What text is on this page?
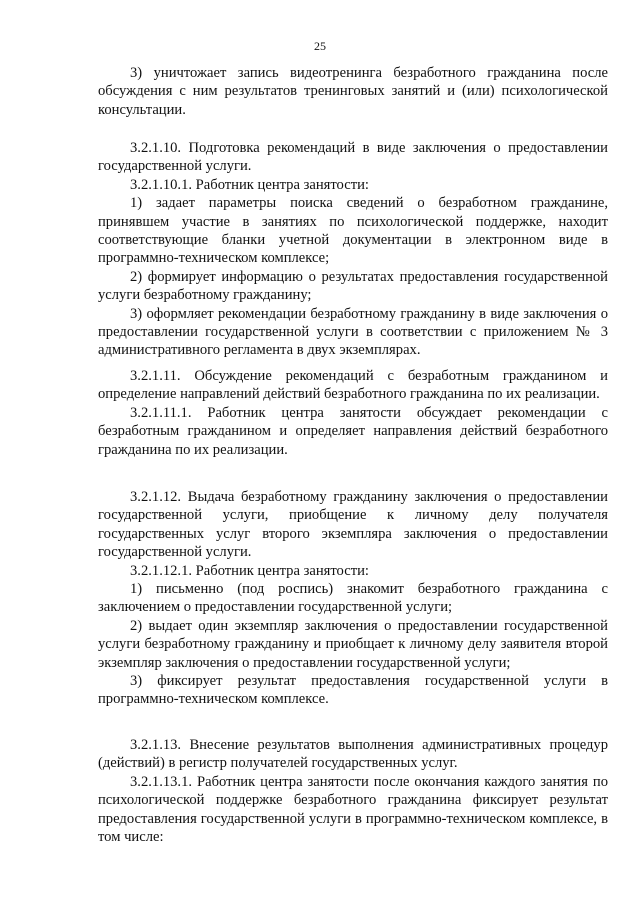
25

3) уничтожает запись видеотренинга безработного гражданина после обсуждения с ним результатов тренинговых занятий и (или) психологической консультации.

3.2.1.10. Подготовка рекомендаций в виде заключения о предоставлении государственной услуги.

3.2.1.10.1. Работник центра занятости:

1) задает параметры поиска сведений о безработном гражданине, принявшем участие в занятиях по психологической поддержке, находит соответствующие бланки учетной документации в электронном виде в программно-техническом комплексе;

2) формирует информацию о результатах предоставления государственной услуги безработному гражданину;

3) оформляет рекомендации безработному гражданину в виде заключения о предоставлении государственной услуги в соответствии с приложением № 3 административного регламента в двух экземплярах.

3.2.1.11. Обсуждение рекомендаций с безработным гражданином и определение направлений действий безработного гражданина по их реализации.

3.2.1.11.1. Работник центра занятости обсуждает рекомендации с безработным гражданином и определяет направления действий безработного гражданина по их реализации.

3.2.1.12. Выдача безработному гражданину заключения о предоставлении государственной услуги, приобщение к личному делу получателя государственных услуг второго экземпляра заключения о предоставлении государственной услуги.

3.2.1.12.1. Работник центра занятости:

1) письменно (под роспись) знакомит безработного гражданина с заключением о предоставлении государственной услуги;

2) выдает один экземпляр заключения о предоставлении государственной услуги безработному гражданину и приобщает к личному делу заявителя второй экземпляр заключения о предоставлении государственной услуги;

3) фиксирует результат предоставления государственной услуги в программно-техническом комплексе.

3.2.1.13. Внесение результатов выполнения административных процедур (действий) в регистр получателей государственных услуг.

3.2.1.13.1. Работник центра занятости после окончания каждого занятия по психологической поддержке безработного гражданина фиксирует результат предоставления государственной услуги в программно-техническом комплексе, в том числе:
